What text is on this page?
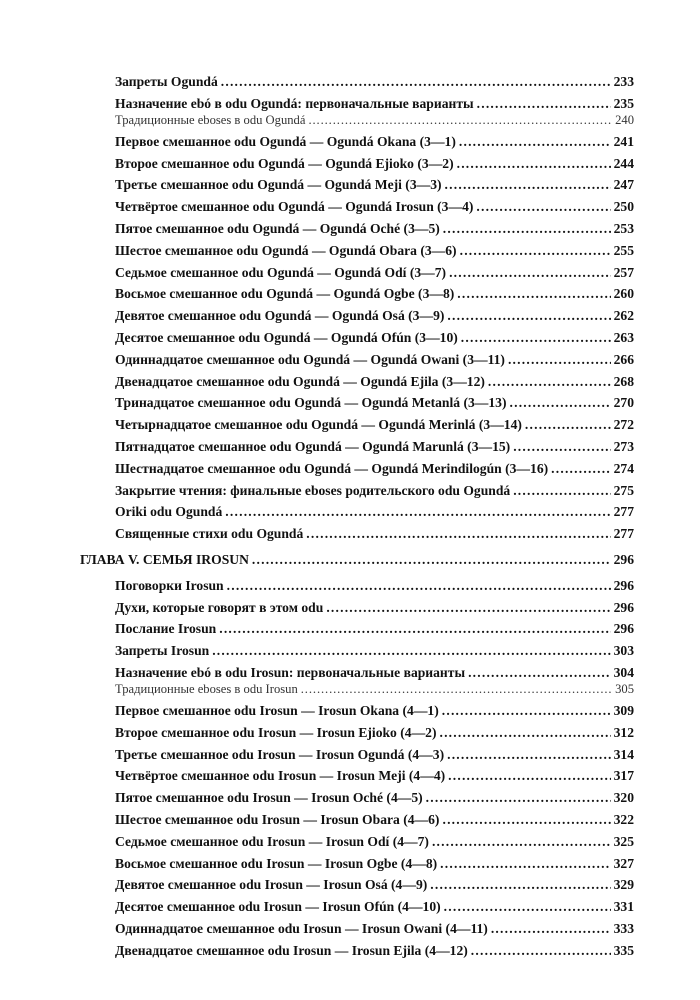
Запреты Ogundá .....	233
Назначение ebó в odu Ogundá: первоначальные варианты .....	235
Традиционные eboses в odu Ogundá .....	240
Первое смешанное odu Ogundá — Ogundá Okana (3—1) .....	241
Второе смешанное odu Ogundá — Ogundá Ejioko (3—2) .....	244
Третье смешанное odu Ogundá — Ogundá Meji (3—3) .....	247
Четвёртое смешанное odu Ogundá — Ogundá Irosun (3—4) .....	250
Пятое смешанное odu Ogundá — Ogundá Oché (3—5) .....	253
Шестое смешанное odu Ogundá — Ogundá Obara (3—6) .....	255
Седьмое смешанное odu Ogundá — Ogundá Odí (3—7) .....	257
Восьмое смешанное odu Ogundá — Ogundá Ogbe (3—8) .....	260
Девятое смешанное odu Ogundá — Ogundá Osá (3—9) .....	262
Десятое смешанное odu Ogundá — Ogundá Ofún (3—10) .....	263
Одиннадцатое смешанное odu Ogundá — Ogundá Owani (3—11) .....	266
Двенадцатое смешанное odu Ogundá — Ogundá Ejila (3—12) .....	268
Тринадцатое смешанное odu Ogundá — Ogundá Metanlá (3—13) .....	270
Четырнадцатое смешанное odu Ogundá — Ogundá Merinlá (3—14) .....	272
Пятнадцатое смешанное odu Ogundá — Ogundá Marunlá (3—15) .....	273
Шестнадцатое смешанное odu Ogundá — Ogundá Merindilogún (3—16) .....	274
Закрытие чтения: финальные eboses родительского odu Ogundá .....	275
Oriki odu Ogundá .....	277
Священные стихи odu Ogundá .....	277
ГЛАВА V. СЕМЬЯ IROSUN .....	296
Поговорки Irosun .....	296
Духи, которые говорят в этом odu .....	296
Послание Irosun .....	296
Запреты Irosun .....	303
Назначение ebó в odu Irosun: первоначальные варианты .....	304
Традиционные eboses в odu Irosun .....	305
Первое смешанное odu Irosun — Irosun Okana (4—1) .....	309
Второе смешанное odu Irosun — Irosun Ejioko (4—2) .....	312
Третье смешанное odu Irosun — Irosun Ogundá (4—3) .....	314
Четвёртое смешанное odu Irosun — Irosun Meji (4—4) .....	317
Пятое смешанное odu Irosun — Irosun Oché (4—5) .....	320
Шестое смешанное odu Irosun — Irosun Obara (4—6) .....	322
Седьмое смешанное odu Irosun — Irosun Odí (4—7) .....	325
Восьмое смешанное odu Irosun — Irosun Ogbe (4—8) .....	327
Девятое смешанное odu Irosun — Irosun Osá (4—9) .....	329
Десятое смешанное odu Irosun — Irosun Ofún (4—10) .....	331
Одиннадцатое смешанное odu Irosun — Irosun Owani (4—11) .....	333
Двенадцатое смешанное odu Irosun — Irosun Ejila (4—12) .....	335
